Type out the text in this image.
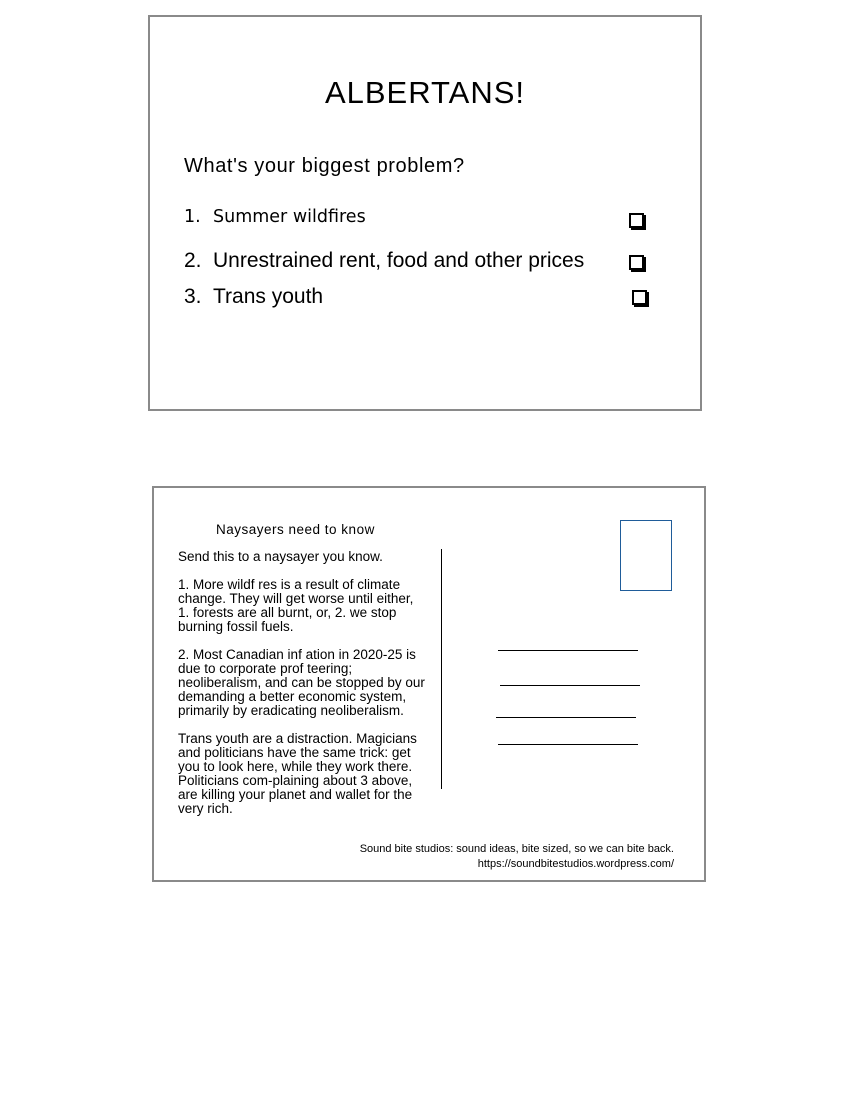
ALBERTANS!
What's your biggest problem?
1. Summer wildfires
2. Unrestrained rent, food and other prices
3. Trans youth
Naysayers need to know

Send this to a naysayer you know.

1. More wildf res is a result of climate change. They will get worse until either, 1. forests are all burnt, or, 2. we stop burning fossil fuels.

2. Most Canadian inf ation in 2020-25 is due to corporate prof teering; neoliberalism, and can be stopped by our demanding a better economic system, primarily by eradicating neoliberalism.

Trans youth are a distraction. Magicians and politicians have the same trick: get you to look here, while they work there. Politicians com-plaining about 3 above, are killing your planet and wallet for the very rich.

Sound bite studios: sound ideas, bite sized, so we can bite back.
https://soundbitestudios.wordpress.com/
